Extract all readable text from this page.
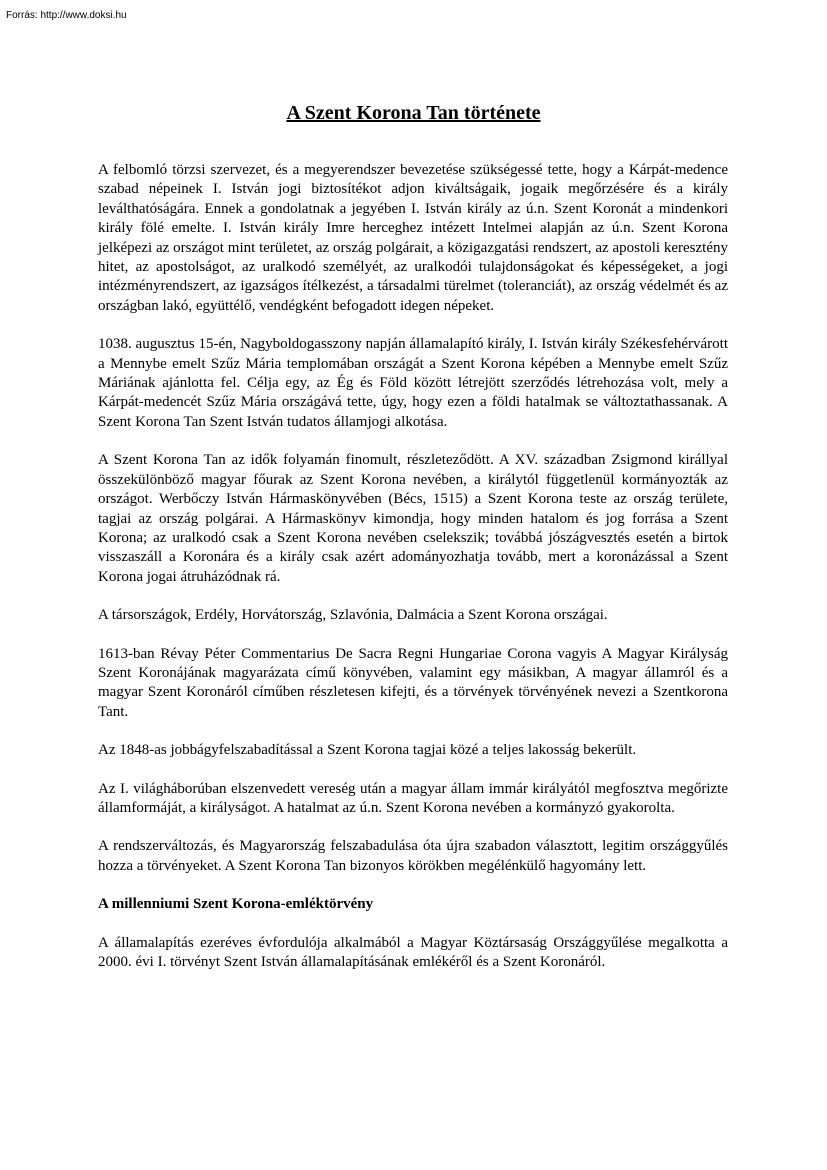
Forrás: http://www.doksi.hu
A Szent Korona Tan története

A felbomló törzsi szervezet, és a megyerendszer bevezetése szükségessé tette, hogy a Kárpát-medence szabad népeinek I. István jogi biztosítékot adjon kiváltságaik, jogaik megőrzésére és a király leválthatóságára. Ennek a gondolatnak a jegyében I. István király az ú.n. Szent Koronát a mindenkori király fölé emelte. I. István király Imre herceghez intézett Intelmei alapján az ú.n. Szent Korona jelképezi az országot mint területet, az ország polgárait, a közigazgatási rendszert, az apostoli keresztény hitet, az apostolságot, az uralkodó személyét, az uralkodói tulajdonságokat és képességeket, a jogi intézményrendszert, az igazságos ítélkezést, a társadalmi türelmet (toleranciát), az ország védelmét és az országban lakó, együttélő, vendégként befogadott idegen népeket.

1038. augusztus 15-én, Nagyboldogasszony napján államalapító király, I. István király Székesfehérvárott a Mennybe emelt Szűz Mária templomában országát a Szent Korona képében a Mennybe emelt Szűz Máriának ajánlotta fel. Célja egy, az Ég és Föld között létrejött szerződés létrehozása volt, mely a Kárpát-medencét Szűz Mária országává tette, úgy, hogy ezen a földi hatalmak se változtathassanak. A Szent Korona Tan Szent István tudatos államjogi alkotása.

A Szent Korona Tan az idők folyamán finomult, részleteződött. A XV. században Zsigmond királlyal összekülönböző magyar főurak az Szent Korona nevében, a királytól függetlenül kormányozták az országot. Werbőczy István Hármaskönyvében (Bécs, 1515) a Szent Korona teste az ország területe, tagjai az ország polgárai. A Hármaskönyv kimondja, hogy minden hatalom és jog forrása a Szent Korona; az uralkodó csak a Szent Korona nevében cselekszik; továbbá jószágvesztés esetén a birtok visszaszáll a Koronára és a király csak azért adományozhatja tovább, mert a koronázással a Szent Korona jogai átruházódnak rá.

A társországok, Erdély, Horvátország, Szlavónia, Dalmácia a Szent Korona országai.

1613-ban Révay Péter Commentarius De Sacra Regni Hungariae Corona vagyis A Magyar Királyság Szent Koronájának magyarázata című könyvében, valamint egy másikban, A magyar államról és a magyar Szent Koronáról címűben részletesen kifejti, és a törvények törvényének nevezi a Szentkorona Tant.

Az 1848-as jobbágyfelszabadítással a Szent Korona tagjai közé a teljes lakosság bekerült.

Az I. világháborúban elszenvedett vereség után a magyar állam immár királyától megfosztva megőrizte államformáját, a királyságot. A hatalmat az ú.n. Szent Korona nevében a kormányzó gyakorolta.

A rendszerváltozás, és Magyarország felszabadulása óta újra szabadon választott, legitim országgyűlés hozza a törvényeket. A Szent Korona Tan bizonyos körökben megélénkülő hagyomány lett.

A millenniumi Szent Korona-emléktörvény

A államalapítás ezeréves évfordulója alkalmából a Magyar Köztársaság Országgyűlése megalkotta a 2000. évi I. törvényt Szent István államalapításának emlékéről és a Szent Koronáról.
